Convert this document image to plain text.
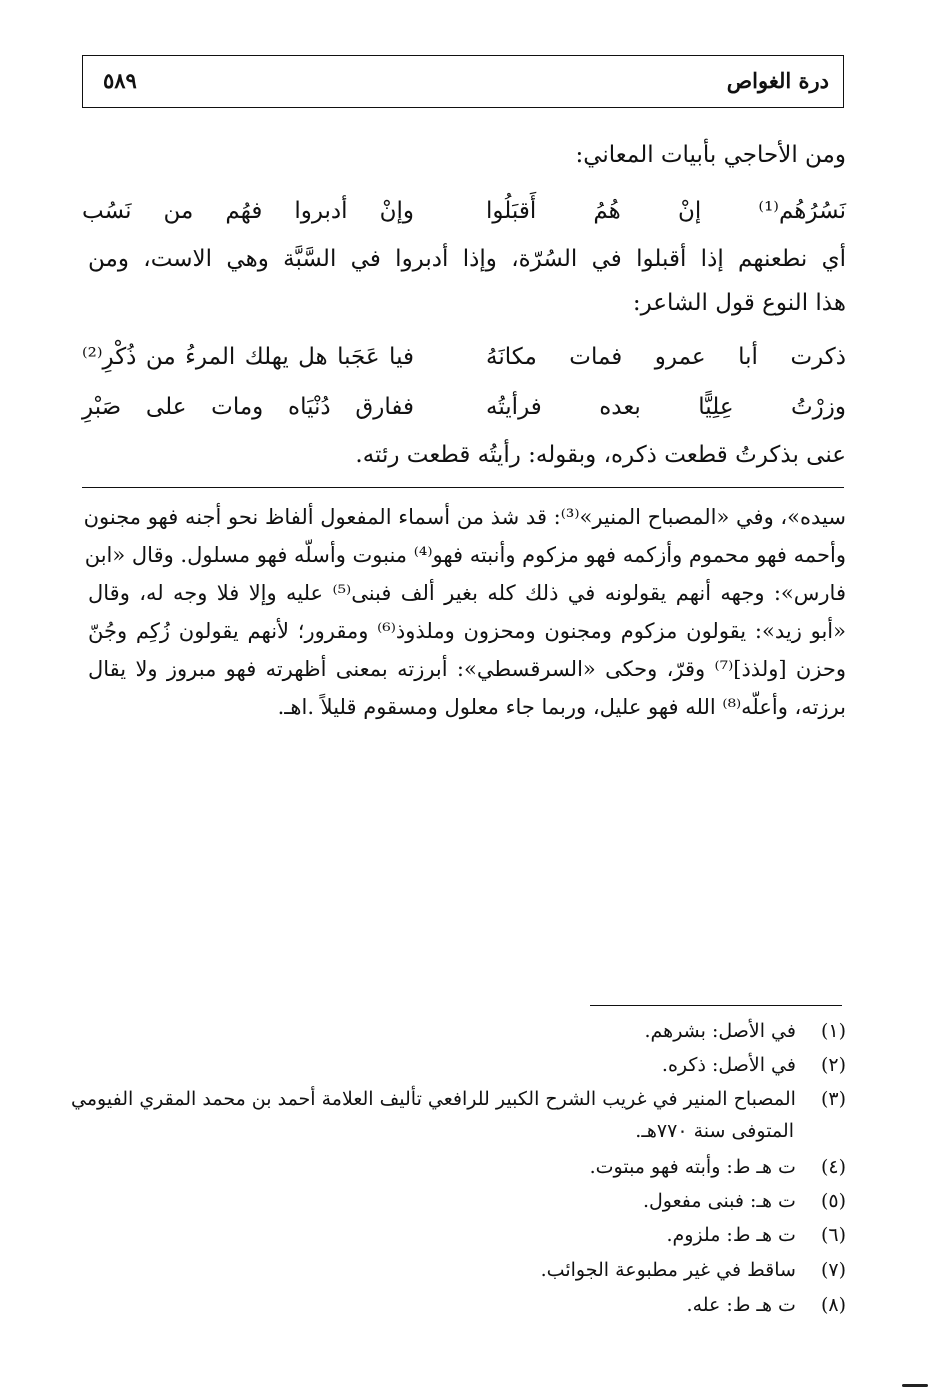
درة الغواص
٥٨٩
ومن الأحاجي بأبيات المعاني:
نَسُرُهُم⁽¹⁾ إنْ هُمُ أَقبَلُوا
وإنْ أدبروا فهُم من نَسُب
أي نطعنهم إذا أقبلوا في السُرّة، وإذا أدبروا في السَّبَّة وهي الاست، ومن
هذا النوع قول الشاعر:
ذكرت أبا عمرو فمات مكانَهُ
فيا عَجَبا هل يهلك المرءُ من ذُكْرِ⁽²⁾
وزرْتُ عِلِيًّا بعده فرأيتُه
ففارق دُنْيَاه ومات على صَبْرِ
عنى بذكرتُ قطعت ذكره، وبقوله: رأيتُه قطعت رئته.
سيده»، وفي «المصباح المنير»⁽³⁾: قد شذ من أسماء المفعول ألفاظ نحو أجنه فهو مجنون
وأحمه فهو محموم وأزكمه فهو مزكوم وأنبته فهو⁽⁴⁾ منبوت وأسلّه فهو مسلول. وقال «ابن
فارس»: وجهه أنهم يقولونه في ذلك كله بغير ألف فبنى⁽⁵⁾ عليه وإلا فلا وجه له، وقال
«أبو زيد»: يقولون مزكوم ومجنون ومحزون وملذوذ⁽⁶⁾ ومقرور؛ لأنهم يقولون زُكِم وجُنّ
وحزن [ولذذ]⁽⁷⁾ وقرّ، وحكى «السرقسطي»: أبرزته بمعنى أظهرته فهو مبروز ولا يقال
برزته، وأعلّه⁽⁸⁾ الله فهو عليل، وربما جاء معلول ومسقوم قليلاً .اهـ.
(١) في الأصل: بشرهم.
(٢) في الأصل: ذكره.
(٣) المصباح المنير في غريب الشرح الكبير للرافعي تأليف العلامة أحمد بن محمد المقري الفيومي
المتوفى سنة ٧٧٠هـ.
(٤) ت هـ ط: وأبته فهو مبتوت.
(٥) ت هـ: فبنى مفعول.
(٦) ت هـ ط: ملزوم.
(٧) ساقط في غير مطبوعة الجوائب.
(٨) ت هـ ط: عله.
